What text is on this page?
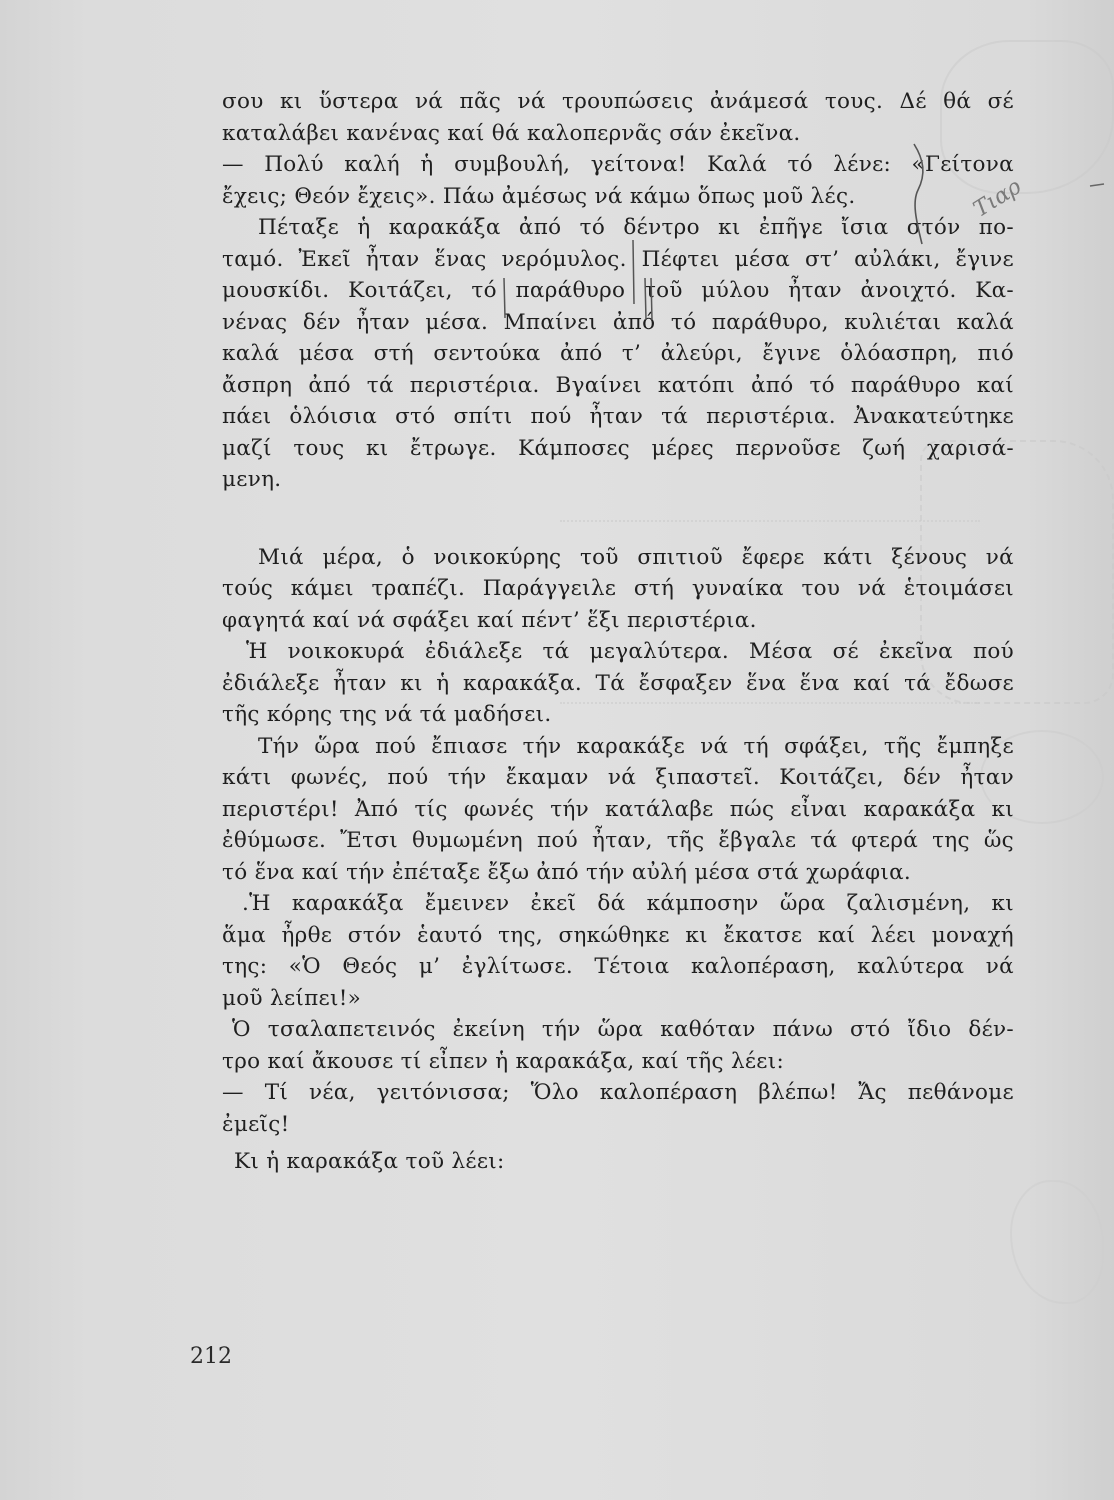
σου κι ὕστερα νά πᾶς νά τρουπώσεις ἀνάμεσά τους. Δέ θά σέ
καταλάβει κανένας καί θά καλοπερνᾶς σάν ἐκεῖνα.
— Πολύ καλή ἡ συμβουλή, γείτονα! Καλά τό λένε: «Γείτονα
ἔχεις; Θεόν ἔχεις». Πάω ἀμέσως νά κάμω ὅπως μοῦ λές.
Πέταξε ἡ καρακάξα ἀπό τό δέντρο κι ἐπῆγε ἴσια στόν πο-
ταμό. Ἐκεῖ ἦταν ἕνας νερόμυλος. Πέφτει μέσα στ’ αὐλάκι, ἔγινε
μουσκίδι. Κοιτάζει, τό παράθυρο τοῦ μύλου ἦταν ἀνοιχτό. Κα-
νένας δέν ἦταν μέσα. Μπαίνει ἀπό τό παράθυρο, κυλιέται καλά
καλά μέσα στή σεντούκα ἀπό τ’ ἀλεύρι, ἔγινε ὁλόασπρη, πιό
ἄσπρη ἀπό τά περιστέρια. Βγαίνει κατόπι ἀπό τό παράθυρο καί
πάει ὁλόισια στό σπίτι πού ἦταν τά περιστέρια. Ἀνακατεύτηκε
μαζί τους κι ἔτρωγε. Κάμποσες μέρες περνοῦσε ζωή χαρισά-
μενη.
Μιά μέρα, ὁ νοικοκύρης τοῦ σπιτιοῦ ἔφερε κάτι ξένους νά
τούς κάμει τραπέζι. Παράγγειλε στή γυναίκα του νά ἑτοιμάσει
φαγητά καί νά σφάξει καί πέντ’ ἕξι περιστέρια.
Ἡ νοικοκυρά ἐδιάλεξε τά μεγαλύτερα. Μέσα σέ ἐκεῖνα πού
ἐδιάλεξε ἦταν κι ἡ καρακάξα. Τά ἔσφαξεν ἕνα ἕνα καί τά ἔδωσε
τῆς κόρης της νά τά μαδήσει.
Τήν ὥρα πού ἔπιασε τήν καρακάξε νά τή σφάξει, τῆς ἔμπηξε
κάτι φωνές, πού τήν ἔκαμαν νά ξιπαστεῖ. Κοιτάζει, δέν ἦταν
περιστέρι! Ἀπό τίς φωνές τήν κατάλαβε πώς εἶναι καρακάξα κι
ἐθύμωσε. Ἔτσι θυμωμένη πού ἦταν, τῆς ἔβγαλε τά φτερά της ὥς
τό ἕνα καί τήν ἐπέταξε ἔξω ἀπό τήν αὐλή μέσα στά χωράφια.
.Ἡ καρακάξα ἔμεινεν ἐκεῖ δά κάμποσην ὥρα ζαλισμένη, κι
ἅμα ἦρθε στόν ἑαυτό της, σηκώθηκε κι ἔκατσε καί λέει μοναχή
της: «Ὁ Θεός μ’ ἐγλίτωσε. Τέτοια καλοπέραση, καλύτερα νά
μοῦ λείπει!»
Ὁ τσαλαπετεινός ἐκείνη τήν ὥρα καθόταν πάνω στό ἴδιο δέν-
τρο καί ἄκουσε τί εἶπεν ἡ καρακάξα, καί τῆς λέει:
— Τί νέα, γειτόνισσα; Ὅλο καλοπέραση βλέπω! Ἄς πεθάνομε
ἐμεῖς!
Κι ἡ καρακάξα τοῦ λέει:
Τιαρ
212
